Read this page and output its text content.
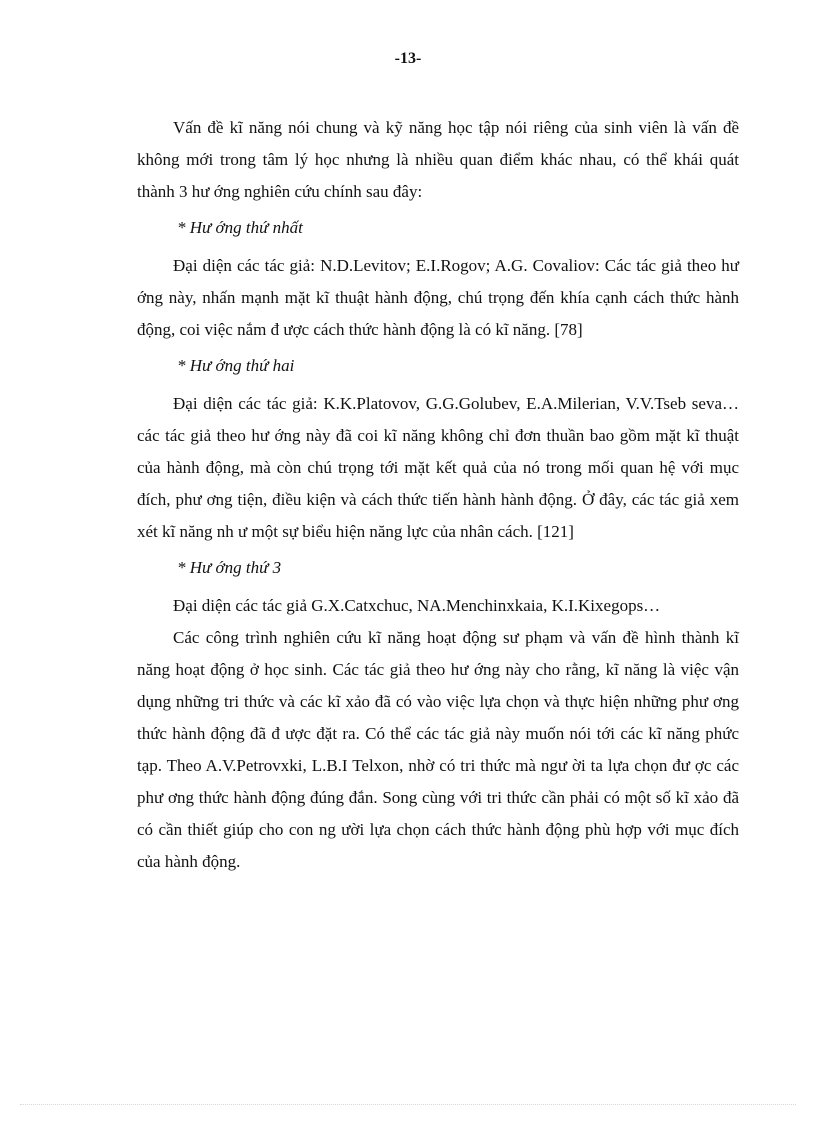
-13-

Vấn đề kĩ năng nói chung và kỹ năng học tập nói riêng của sinh viên là vấn đề không mới trong tâm lý học nhưng là nhiều quan điểm khác nhau, có thể khái quát thành 3 hư ớng nghiên cứu chính sau đây:

* Hư ớng thứ nhất

Đại diện các tác giả: N.D.Levitov; E.I.Rogov; A.G. Covaliov: Các tác giả theo hư ớng này, nhấn mạnh mặt kĩ thuật hành động, chú trọng đến khía cạnh cách thức hành động, coi việc nắm đ ược cách thức hành động là có kĩ năng. [78]

* Hư ớng thứ hai

Đại diện các tác giả: K.K.Platovov, G.G.Golubev, E.A.Milerian, V.V.Tseb seva…các tác giả theo hư ớng này đã coi kĩ năng không chỉ đơn thuần bao gồm mặt kĩ thuật của hành động, mà còn chú trọng tới mặt kết quả của nó trong mối quan hệ với mục đích, phư ơng tiện, điều kiện và cách thức tiến hành hành động. Ở đây, các tác giả xem xét kĩ năng nh ư một sự biểu hiện năng lực của nhân cách. [121]

* Hư ớng thứ 3

Đại diện các tác giả G.X.Catxchuc, NA.Menchinxkaia, K.I.Kixegops…

Các công trình nghiên cứu kĩ năng hoạt động sư phạm và vấn đề hình thành kĩ năng hoạt động ở học sinh. Các tác giả theo hư ớng này cho rằng, kĩ năng là việc vận dụng những tri thức và các kĩ xảo đã có vào việc lựa chọn và thực hiện những phư ơng thức hành động đã đ ược đặt ra. Có thể các tác giả này muốn nói tới các kĩ năng phức tạp. Theo A.V.Petrovxki, L.B.I Telxon, nhờ có tri thức mà ngư ời ta lựa chọn đư ợc các phư ơng thức hành động đúng đắn. Song cùng với tri thức cần phải có một số kĩ xảo đã có cần thiết giúp cho con ng ười lựa chọn cách thức hành động phù hợp với mục đích của hành động.
